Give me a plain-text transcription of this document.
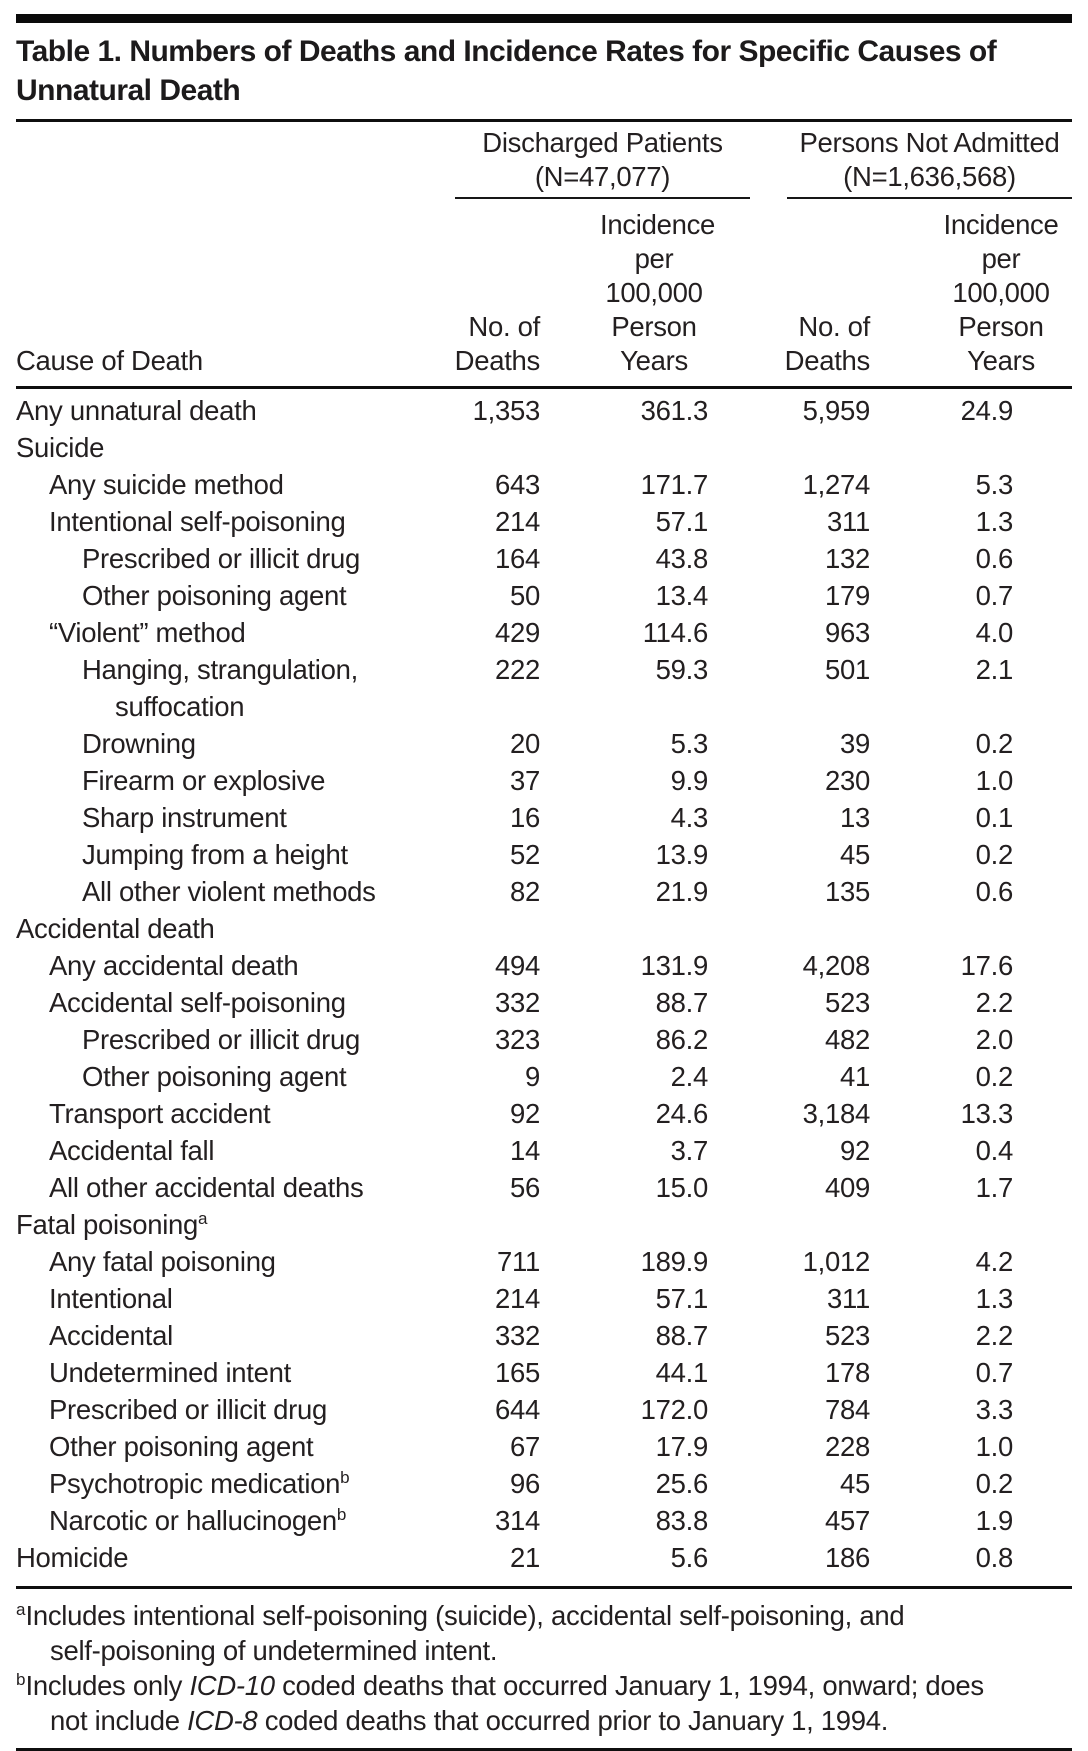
Table 1. Numbers of Deaths and Incidence Rates for Specific Causes of Unnatural Death
Discharged Patients
(N=47,077)
Persons Not Admitted
(N=1,636,568)
Cause of Death
No. of
Deaths
Incidence
per 100,000
Person Years
No. of
Deaths
Incidence
per 100,000
Person Years
Any unnatural death	1,353	361.3	5,959	24.9
Suicide
Any suicide method	643	171.7	1,274	5.3
Intentional self-poisoning	214	57.1	311	1.3
Prescribed or illicit drug	164	43.8	132	0.6
Other poisoning agent	50	13.4	179	0.7
“Violent” method	429	114.6	963	4.0
Hanging, strangulation,
suffocation
222	59.3	501	2.1
Drowning	20	5.3	39	0.2
Firearm or explosive	37	9.9	230	1.0
Sharp instrument	16	4.3	13	0.1
Jumping from a height	52	13.9	45	0.2
All other violent methods	82	21.9	135	0.6
Accidental death
Any accidental death	494	131.9	4,208	17.6
Accidental self-poisoning	332	88.7	523	2.2
Prescribed or illicit drug	323	86.2	482	2.0
Other poisoning agent	9	2.4	41	0.2
Transport accident	92	24.6	3,184	13.3
Accidental fall	14	3.7	92	0.4
All other accidental deaths	56	15.0	409	1.7
Fatal poisoning$^a$
Any fatal poisoning	711	189.9	1,012	4.2
Intentional	214	57.1	311	1.3
Accidental	332	88.7	523	2.2
Undetermined intent	165	44.1	178	0.7
Prescribed or illicit drug	644	172.0	784	3.3
Other poisoning agent	67	17.9	228	1.0
Psychotropic medication$^b$	96	25.6	45	0.2
Narcotic or hallucinogen$^b$	314	83.8	457	1.9
Homicide	21	5.6	186	0.8
$^a$Includes intentional self-poisoning (suicide), accidental self-poisoning, and
self-poisoning of undetermined intent.
$^b$Includes only ICD-10 coded deaths that occurred January 1, 1994, onward; does
not include ICD-8 coded deaths that occurred prior to January 1, 1994.
